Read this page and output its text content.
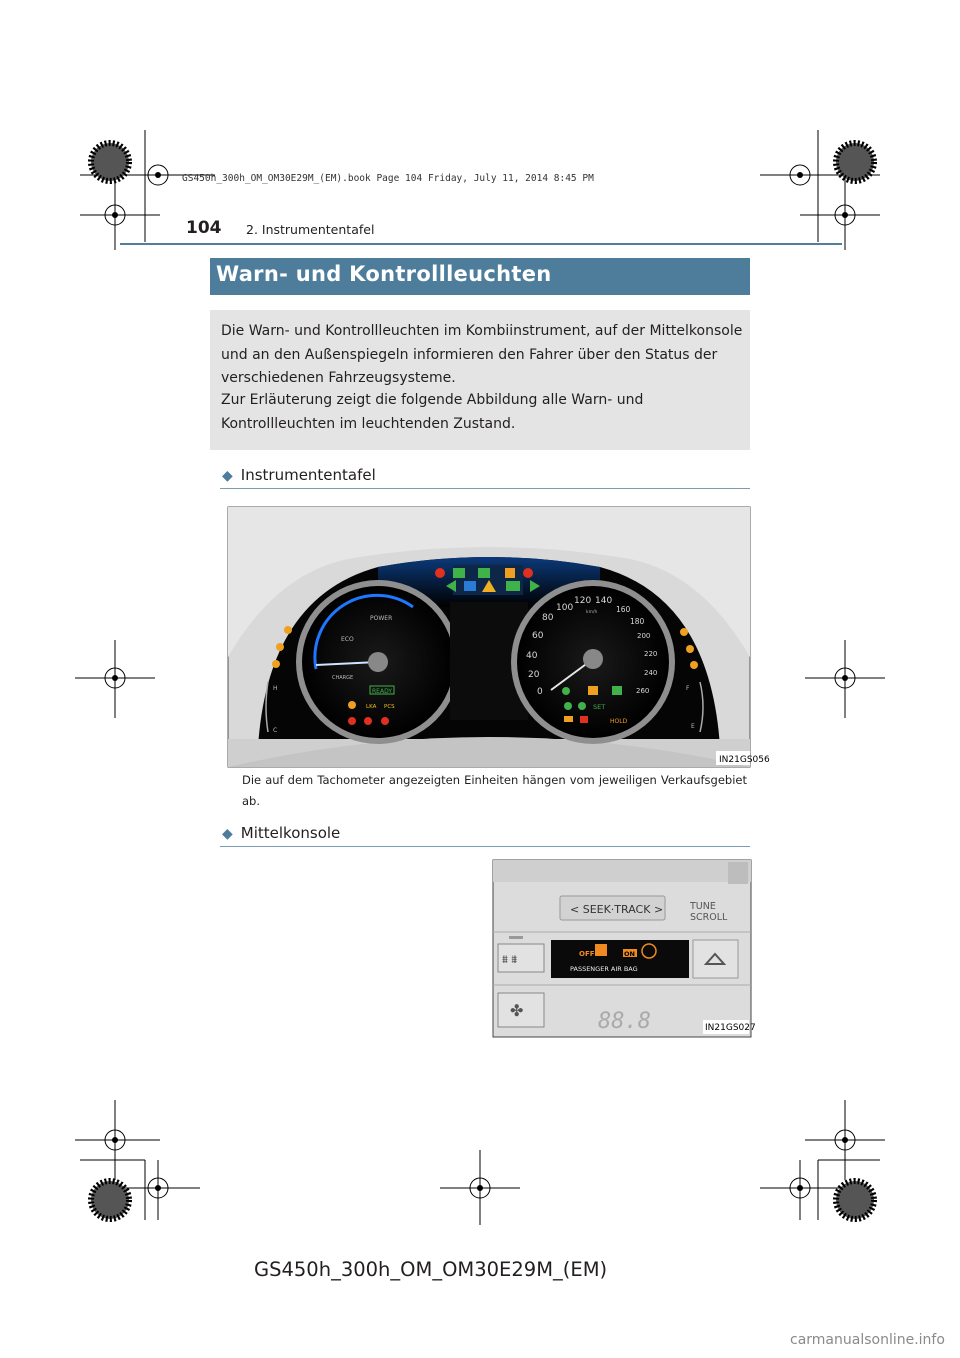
GS450h_300h_OM_OM30E29M_(EM).book Page 104 Friday, July 11, 2014 8:45 PM
104 2. Instrumententafel
Warn- und Kontrollleuchten
Die Warn- und Kontrollleuchten im Kombiinstrument, auf der Mittelkonsole und an den Außenspiegeln informieren den Fahrer über den Status der verschiedenen Fahrzeugsysteme.
Zur Erläuterung zeigt die folgende Abbildung alle Warn- und Kontrollleuchten im leuchtenden Zustand.
◆ Instrumententafel
POWER
ECO
CHARGE
READY
LKA PCS
H
C
0
20
40
60
80
100
120 140
160
180
200
220
240
260
km/h
SET
HOLD
F
E
IN21GS056
Die auf dem Tachometer angezeigten Einheiten hängen vom jeweiligen Verkaufsgebiet ab.
◆ Mittelkonsole
< SEEK·TRACK >	TUNE
SCROLL
⩩ ⩩	OFF	ON
PASSENGER AIR BAG
✤	88.8	IN21GS027
GS450h_300h_OM_OM30E29M_(EM)
carmanualsonline.info
